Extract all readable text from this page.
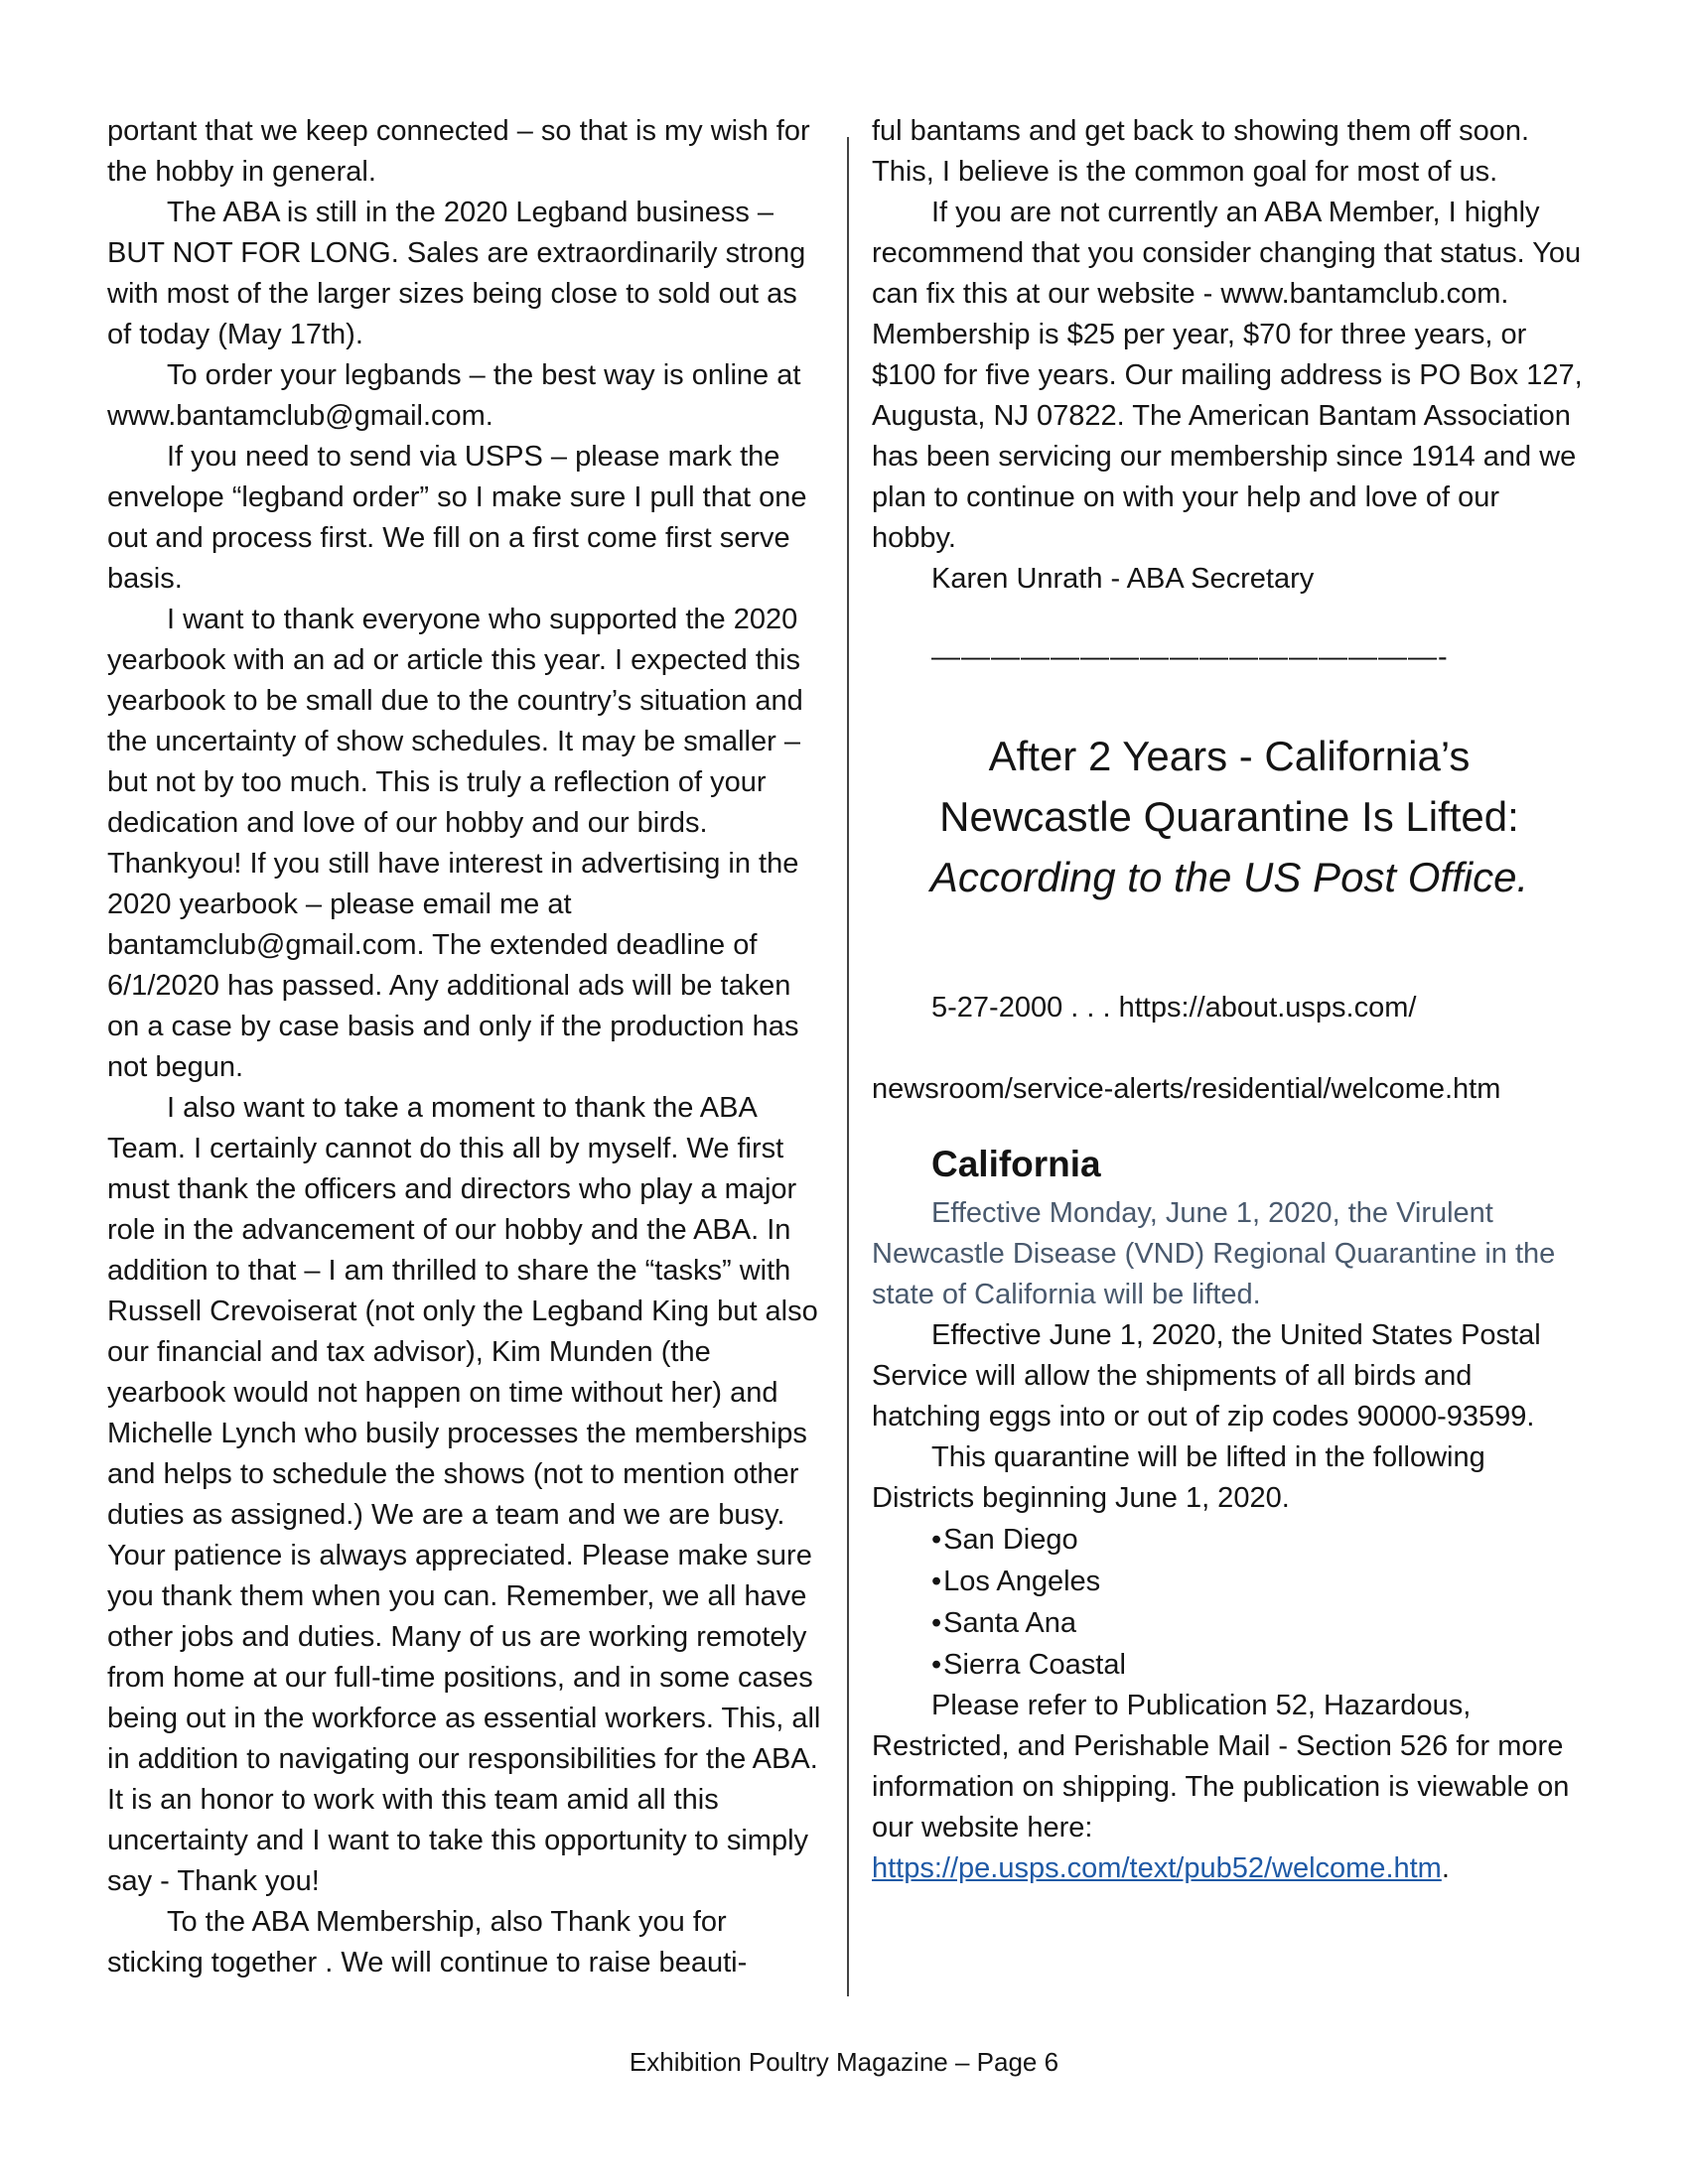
portant that we keep connected – so that is my wish for the hobby in general.

The ABA is still in the 2020 Legband business – BUT NOT FOR LONG. Sales are extraordinarily strong with most of the larger sizes being close to sold out as of today (May 17th).

To order your legbands – the best way is online at www.bantamclub@gmail.com.

If you need to send via USPS – please mark the envelope “legband order” so I make sure I pull that one out and process first. We fill on a first come first serve basis.

I want to thank everyone who supported the 2020 yearbook with an ad or article this year. I expected this yearbook to be small due to the country’s situation and the uncertainty of show schedules. It may be smaller –but not by too much. This is truly a reflection of your dedication and love of our hobby and our birds. Thankyou! If you still have interest in advertising in the 2020 yearbook – please email me at bantamclub@gmail.com. The extended deadline of 6/1/2020 has passed. Any additional ads will be taken on a case by case basis and only if the production has not begun.

I also want to take a moment to thank the ABA Team. I certainly cannot do this all by myself. We first must thank the officers and directors who play a major role in the advancement of our hobby and the ABA. In addition to that – I am thrilled to share the “tasks” with Russell Crevoiserat (not only the Legband King but also our financial and tax advisor), Kim Munden (the yearbook would not happen on time without her) and Michelle Lynch who busily processes the memberships and helps to schedule the shows (not to mention other duties as assigned.) We are a team and we are busy. Your patience is always appreciated. Please make sure you thank them when you can. Remember, we all have other jobs and duties. Many of us are working remotely from home at our full-time positions, and in some cases being out in the workforce as essential workers. This, all in addition to navigating our responsibilities for the ABA. It is an honor to work with this team amid all this uncertainty and I want to take this opportunity to simply say - Thank you!

To the ABA Membership, also Thank you for sticking together . We will continue to raise beauti-

ful bantams and get back to showing them off soon. This, I believe is the common goal for most of us.

If you are not currently an ABA Member, I highly recommend that you consider changing that status. You can fix this at our website - www.bantamclub.com. Membership is $25 per year, $70 for three years, or $100 for five years. Our mailing address is PO Box 127, Augusta, NJ 07822. The American Bantam Association has been servicing our membership since 1914 and we plan to continue on with your help and love of our hobby.

Karen Unrath - ABA Secretary

—————————————————-

After 2 Years - California’s
Newcastle Quarantine Is Lifted:
According to the US Post Office.

5-27-2000 . . . https://about.usps.com/

newsroom/service-alerts/residential/welcome.htm

California

Effective Monday, June 1, 2020, the Virulent Newcastle Disease (VND) Regional Quarantine in the state of California will be lifted.

Effective June 1, 2020, the United States Postal Service will allow the shipments of all birds and hatching eggs into or out of zip codes 90000-93599.

This quarantine will be lifted in the following Districts beginning June 1, 2020.

• San Diego
• Los Angeles
• Santa Ana
• Sierra Coastal

Please refer to Publication 52, Hazardous, Restricted, and Perishable Mail - Section 526 for more information on shipping. The publication is viewable on our website here: https://pe.usps.com/text/pub52/welcome.htm.

Exhibition Poultry Magazine – Page 6
